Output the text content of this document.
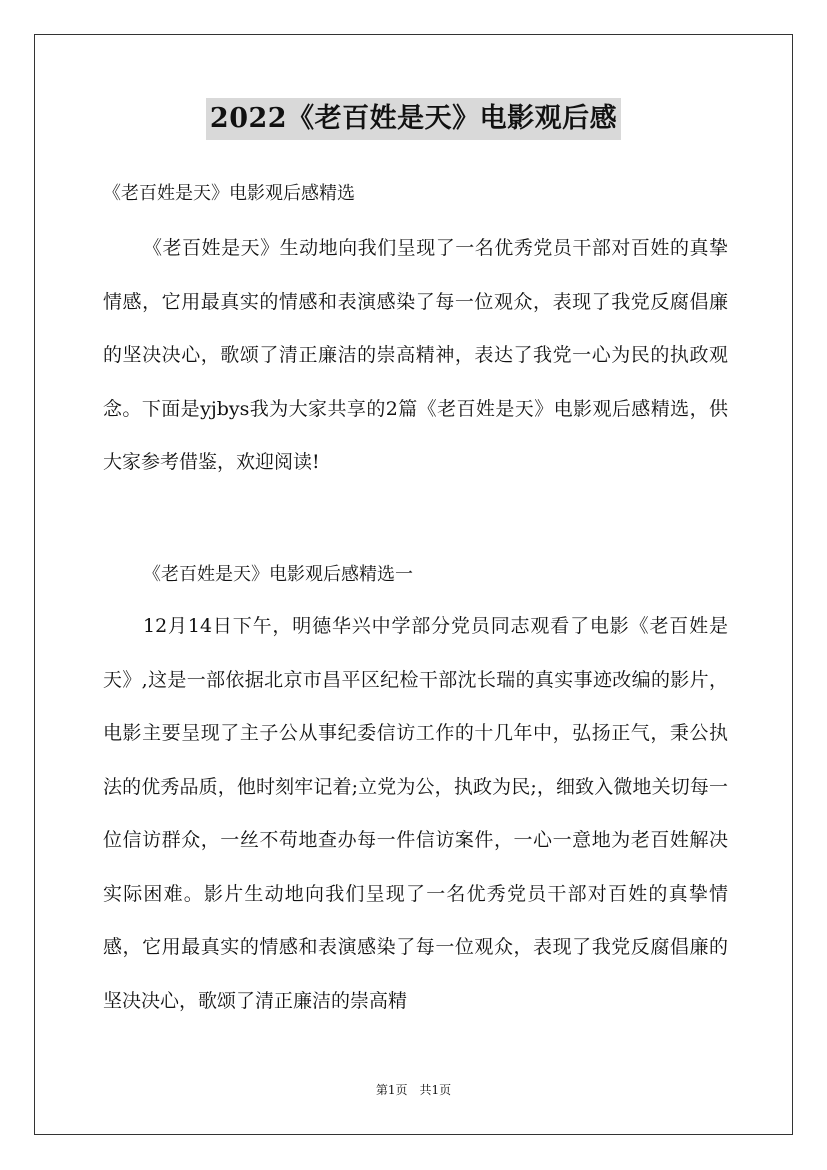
2022《老百姓是天》电影观后感
《老百姓是天》电影观后感精选

《老百姓是天》生动地向我们呈现了一名优秀党员干部对百姓的真挚情感，它用最真实的情感和表演感染了每一位观众，表现了我党反腐倡廉的坚决决心，歌颂了清正廉洁的崇高精神，表达了我党一心为民的执政观念。下面是yjbys我为大家共享的2篇《老百姓是天》电影观后感精选，供大家参考借鉴，欢迎阅读!

《老百姓是天》电影观后感精选一

12月14日下午，明德华兴中学部分党员同志观看了电影《老百姓是天》,这是一部依据北京市昌平区纪检干部沈长瑞的真实事迹改编的影片，电影主要呈现了主子公从事纪委信访工作的十几年中，弘扬正气，秉公执法的优秀品质，他时刻牢记着;立党为公，执政为民;，细致入微地关切每一位信访群众，一丝不苟地查办每一件信访案件，一心一意地为老百姓解决实际困难。影片生动地向我们呈现了一名优秀党员干部对百姓的真挚情感，它用最真实的情感和表演感染了每一位观众，表现了我党反腐倡廉的坚决决心，歌颂了清正廉洁的崇高精

第1页　共1页
